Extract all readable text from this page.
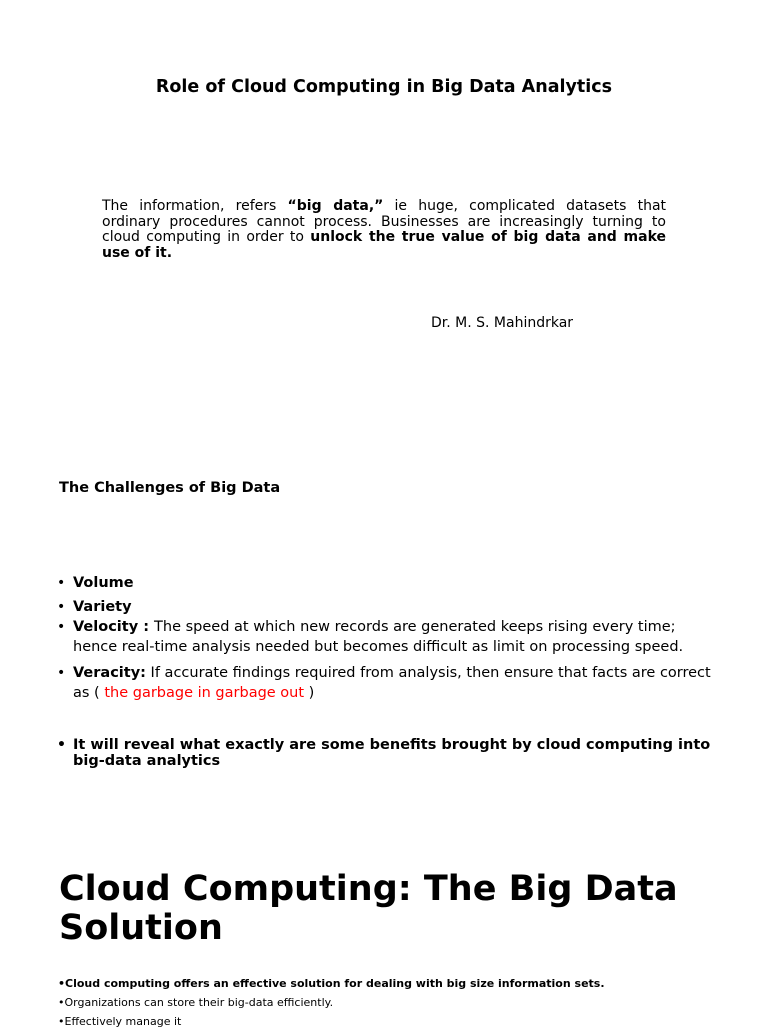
Role of Cloud Computing in Big Data Analytics

The information, refers “big data,” ie huge, complicated datasets that ordinary procedures cannot process. Businesses are increasingly turning to cloud computing in order to unlock the true value of big data and make use of it.

Dr. M. S. Mahindrkar

The Challenges of Big Data

• Volume
• Variety
• Velocity : The speed at which new records are generated keeps rising every time; hence real-time analysis needed but becomes difficult as limit on processing speed.
• Veracity: If accurate findings required from analysis, then ensure that facts are correct as ( the garbage in garbage out )
• It will reveal what exactly are some benefits brought by cloud computing into big-data analytics
Cloud Computing: The Big Data Solution

•Cloud computing offers an effective solution for dealing with big size information sets.

•Organizations can store their big-data efficiently.

•Effectively manage it
